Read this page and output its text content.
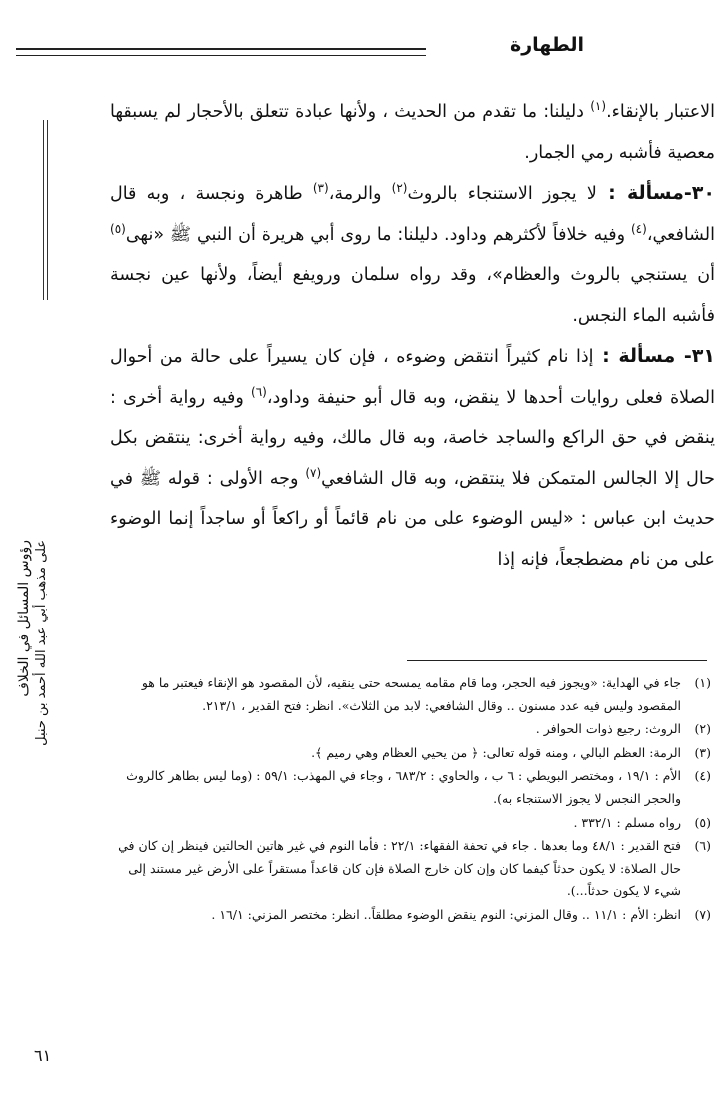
الطهارة
رؤوس المسائل في الخلاف على مذهب أبي عبد الله أحمد بن حنبل

الاعتبار بالإنقاء.$^{(١)}$ دليلنا: ما تقدم من الحديث ، ولأنها عبادة تتعلق بالأحجار لم يسبقها معصية فأشبه رمي الجمار.

٣٠-مسألة : لا يجوز الاستنجاء بالروث$^{(٢)}$ والرمة،$^{(٣)}$ طاهرة ونجسة ، وبه قال الشافعي،$^{(٤)}$ وفيه خلافاً لأكثرهم وداود. دليلنا: ما روى أبي هريرة أن النبي ﷺ «نهى$^{(٥)}$ أن يستنجي بالروث والعظام»، وقد رواه سلمان ورويفع أيضاً، ولأنها عين نجسة فأشبه الماء النجس.

٣١- مسألة : إذا نام كثيراً انتقض وضوءه ، فإن كان يسيراً على حالة من أحوال الصلاة فعلى روايات أحدها لا ينقض، وبه قال أبو حنيفة وداود،$^{(٦)}$ وفيه رواية أخرى : ينقض في حق الراكع والساجد خاصة، وبه قال مالك، وفيه رواية أخرى: ينتقض بكل حال إلا الجالس المتمكن فلا ينتقض، وبه قال الشافعي$^{(٧)}$ وجه الأولى : قوله ﷺ في حديث ابن عباس : «ليس الوضوء على من نام قائماً أو راكعاً أو ساجداً إنما الوضوء على من نام مضطجعاً، فإنه إذا

(١)جاء في الهداية: «ويجوز فيه الحجر، وما قام مقامه يمسحه حتى ينقيه، لأن المقصود هو الإنقاء فيعتبر ما هو المقصود وليس فيه عدد مسنون .. وقال الشافعي: لابد من الثلاث». انظر: فتح القدير ، ٢١٣/١.

(٢)الروث: رجيع ذوات الحوافر .

(٣)الرمة: العظم البالي ، ومنه قوله تعالى: ﴿ من يحيي العظام وهي رميم ﴾.

(٤)الأم : ١٩/١ ، ومختصر البويطي : ٦ ب ، والحاوي : ٦٨٣/٢ ، وجاء في المهذب: ٥٩/١ : (وما ليس بطاهر كالروث والحجر النجس لا يجوز الاستنجاء به).

(٥)رواه مسلم : ٣٣٢/١ .

(٦)فتح القدير : ٤٨/١ وما بعدها . جاء في تحفة الفقهاء: ٢٢/١ : فأما النوم في غير هاتين الحالتين فينظر إن كان في حال الصلاة: لا يكون حدثاً كيفما كان وإن كان خارج الصلاة فإن كان قاعداً مستقراً على الأرض غير مستند إلى شيء لا يكون حدثاً...).

(٧)انظر: الأم : ١١/١ .. وقال المزني: النوم ينقض الوضوء مطلقاً.. انظر: مختصر المزني: ١٦/١ .

٦١
